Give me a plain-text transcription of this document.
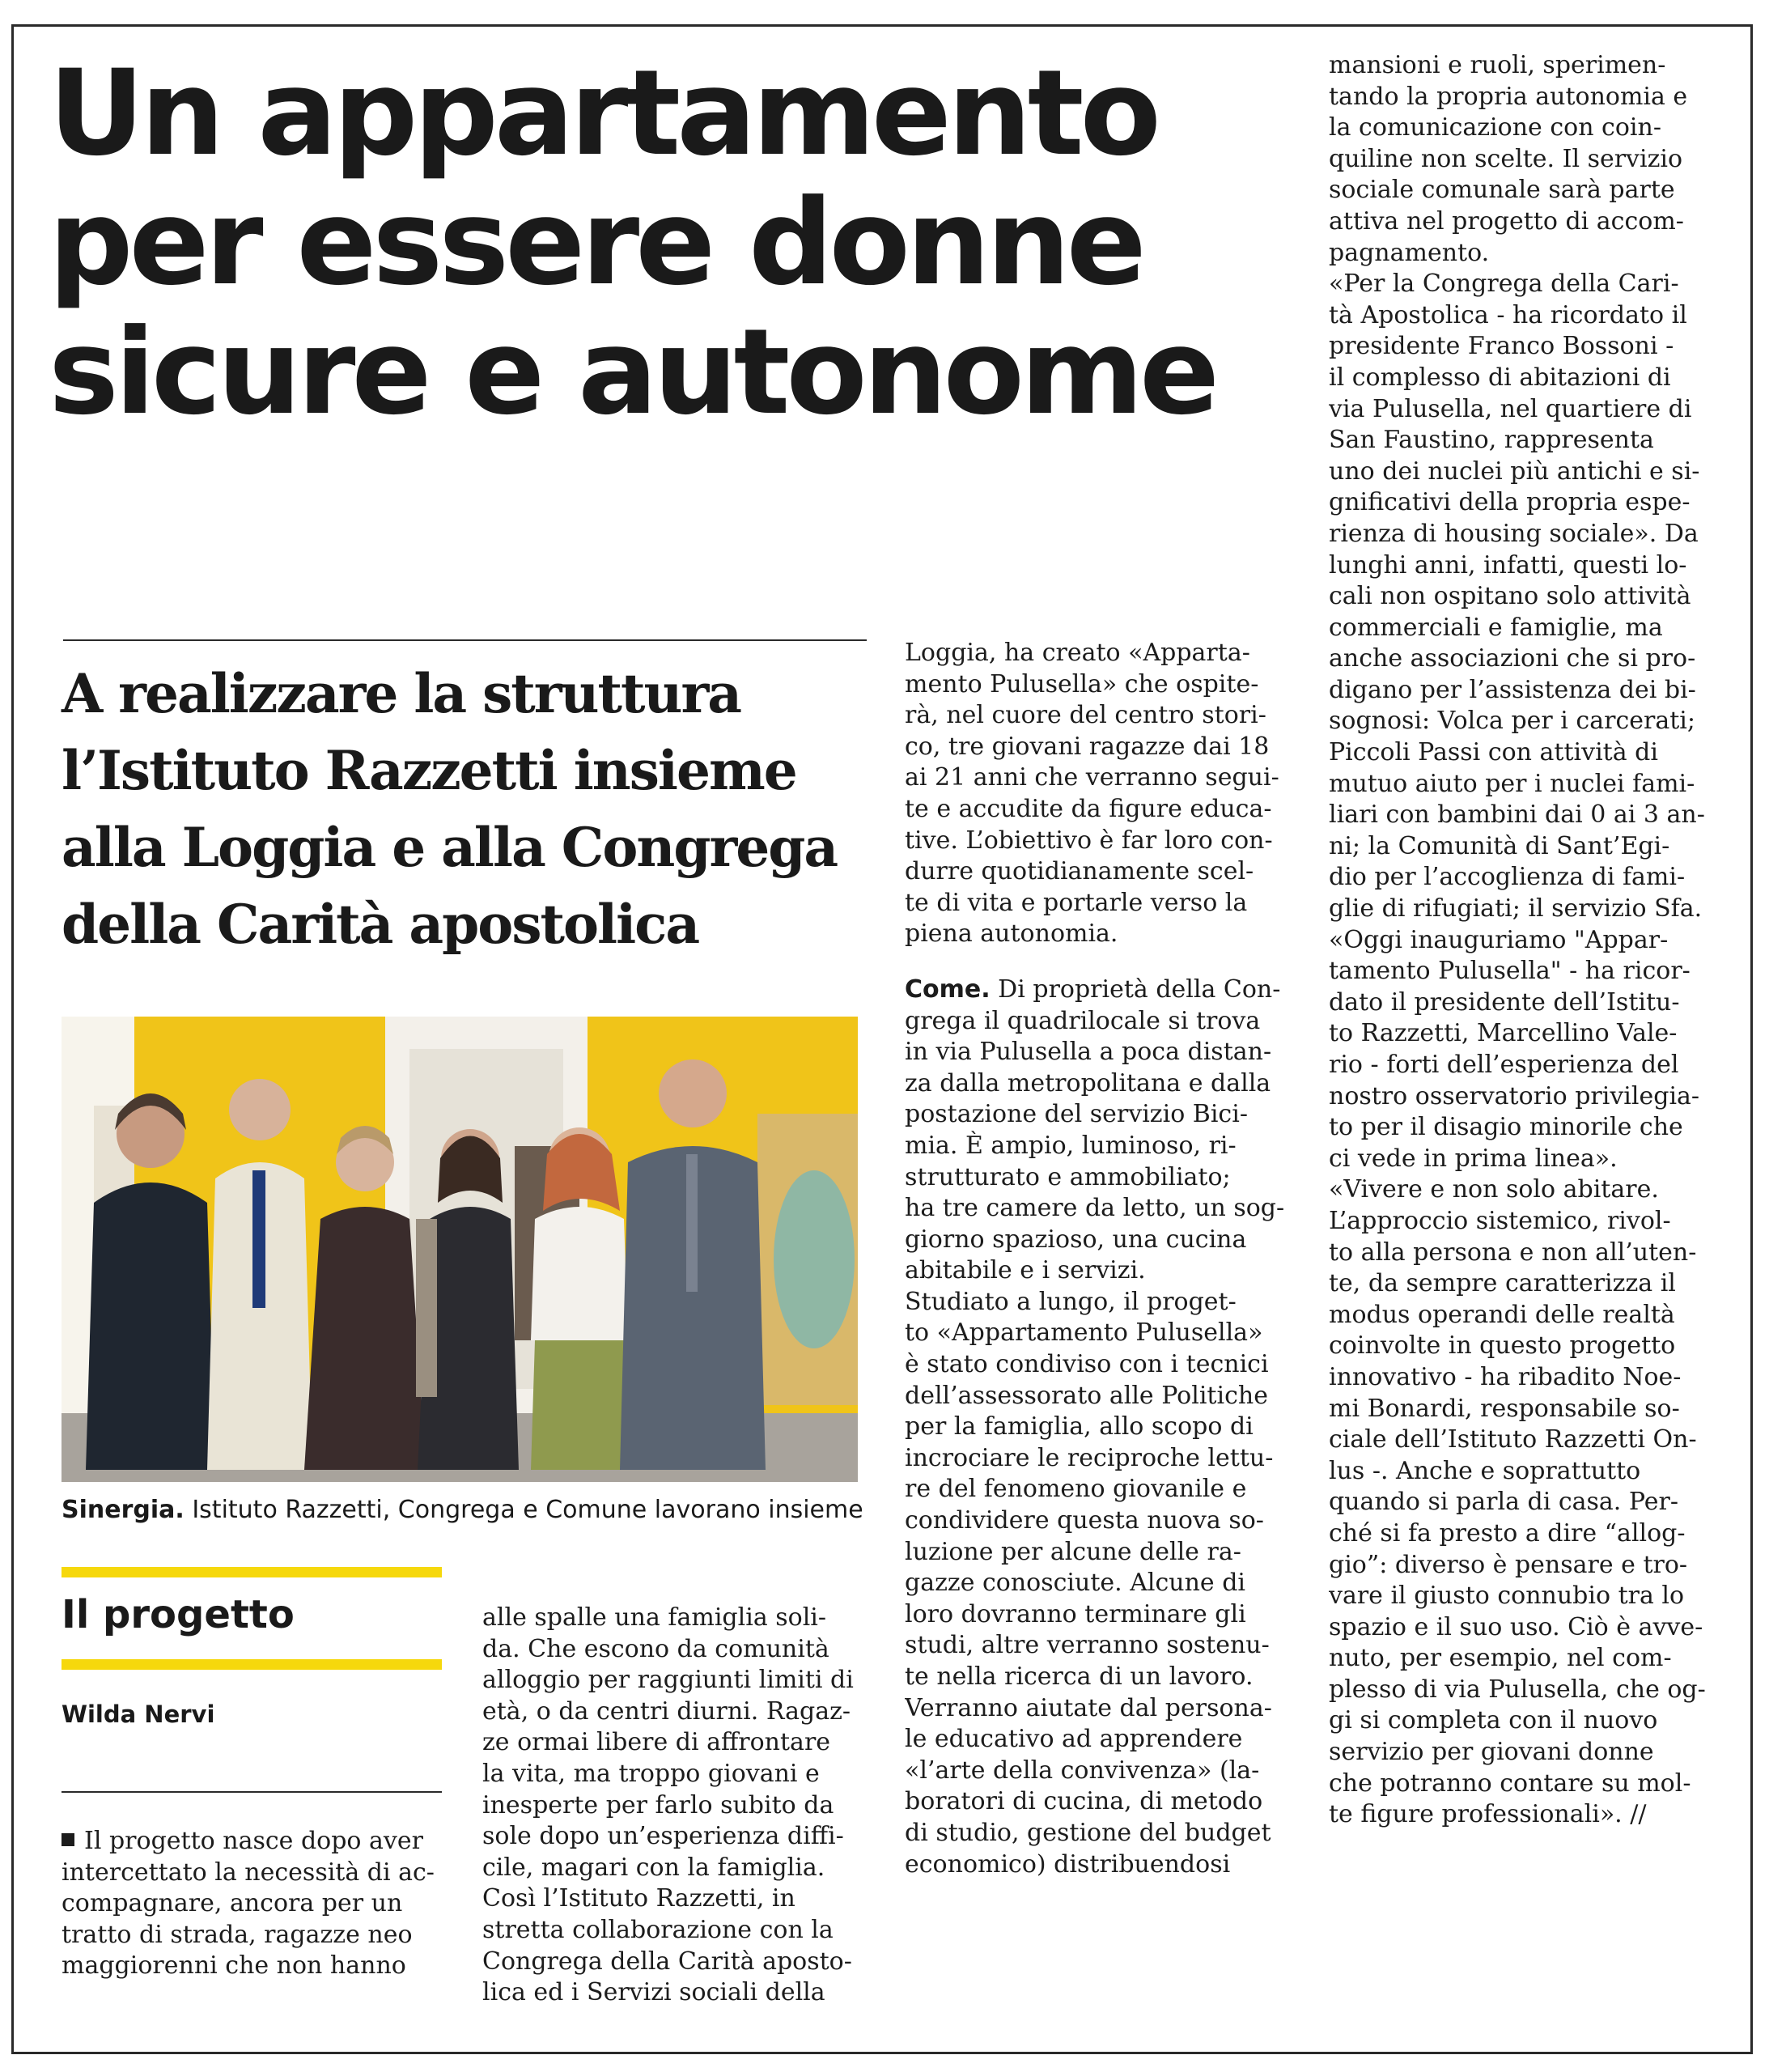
Un appartamento
per essere donne
sicure e autonome
A realizzare la struttura
l’Istituto Razzetti insieme
alla Loggia e alla Congrega
della Carità apostolica

Sinergia. Istituto Razzetti, Congrega e Comune lavorano insieme

Il progetto

Wilda Nervi

Il progetto nasce dopo aver
intercettato la necessità di ac-
compagnare, ancora per un
tratto di strada, ragazze neo
maggiorenni che non hanno
alle spalle una famiglia soli-
da. Che escono da comunità
alloggio per raggiunti limiti di
età, o da centri diurni. Ragaz-
ze ormai libere di affrontare
la vita, ma troppo giovani e
inesperte per farlo subito da
sole dopo un’esperienza diffi-
cile, magari con la famiglia.
Così l’Istituto Razzetti, in
stretta collaborazione con la
Congrega della Carità aposto-
lica ed i Servizi sociali della
Loggia, ha creato «Apparta-
mento Pulusella» che ospite-
rà, nel cuore del centro stori-
co, tre giovani ragazze dai 18
ai 21 anni che verranno segui-
te e accudite da figure educa-
tive. L’obiettivo è far loro con-
durre quotidianamente scel-
te di vita e portarle verso la
piena autonomia.
Come. Di proprietà della Con-
grega il quadrilocale si trova
in via Pulusella a poca distan-
za dalla metropolitana e dalla
postazione del servizio Bici-
mia. È ampio, luminoso, ri-
strutturato e ammobiliato;
ha tre camere da letto, un sog-
giorno spazioso, una cucina
abitabile e i servizi.
Studiato a lungo, il proget-
to «Appartamento Pulusella»
è stato condiviso con i tecnici
dell’assessorato alle Politiche
per la famiglia, allo scopo di
incrociare le reciproche lettu-
re del fenomeno giovanile e
condividere questa nuova so-
luzione per alcune delle ra-
gazze conosciute. Alcune di
loro dovranno terminare gli
studi, altre verranno sostenu-
te nella ricerca di un lavoro.
Verranno aiutate dal persona-
le educativo ad apprendere
«l’arte della convivenza» (la-
boratori di cucina, di metodo
di studio, gestione del budget
economico) distribuendosi
mansioni e ruoli, sperimen-
tando la propria autonomia e
la comunicazione con coin-
quiline non scelte. Il servizio
sociale comunale sarà parte
attiva nel progetto di accom-
pagnamento.
«Per la Congrega della Cari-
tà Apostolica - ha ricordato il
presidente Franco Bossoni -
il complesso di abitazioni di
via Pulusella, nel quartiere di
San Faustino, rappresenta
uno dei nuclei più antichi e si-
gnificativi della propria espe-
rienza di housing sociale». Da
lunghi anni, infatti, questi lo-
cali non ospitano solo attività
commerciali e famiglie, ma
anche associazioni che si pro-
digano per l’assistenza dei bi-
sognosi: Volca per i carcerati;
Piccoli Passi con attività di
mutuo aiuto per i nuclei fami-
liari con bambini dai 0 ai 3 an-
ni; la Comunità di Sant’Egi-
dio per l’accoglienza di fami-
glie di rifugiati; il servizio Sfa.
«Oggi inauguriamo "Appar-
tamento Pulusella" - ha ricor-
dato il presidente dell’Istitu-
to Razzetti, Marcellino Vale-
rio - forti dell’esperienza del
nostro osservatorio privilegia-
to per il disagio minorile che
ci vede in prima linea».
«Vivere e non solo abitare.
L’approccio sistemico, rivol-
to alla persona e non all’uten-
te, da sempre caratterizza il
modus operandi delle realtà
coinvolte in questo progetto
innovativo - ha ribadito Noe-
mi Bonardi, responsabile so-
ciale dell’Istituto Razzetti On-
lus -. Anche e soprattutto
quando si parla di casa. Per-
ché si fa presto a dire “allog-
gio”: diverso è pensare e tro-
vare il giusto connubio tra lo
spazio e il suo uso. Ciò è avve-
nuto, per esempio, nel com-
plesso di via Pulusella, che og-
gi si completa con il nuovo
servizio per giovani donne
che potranno contare su mol-
te figure professionali». //
